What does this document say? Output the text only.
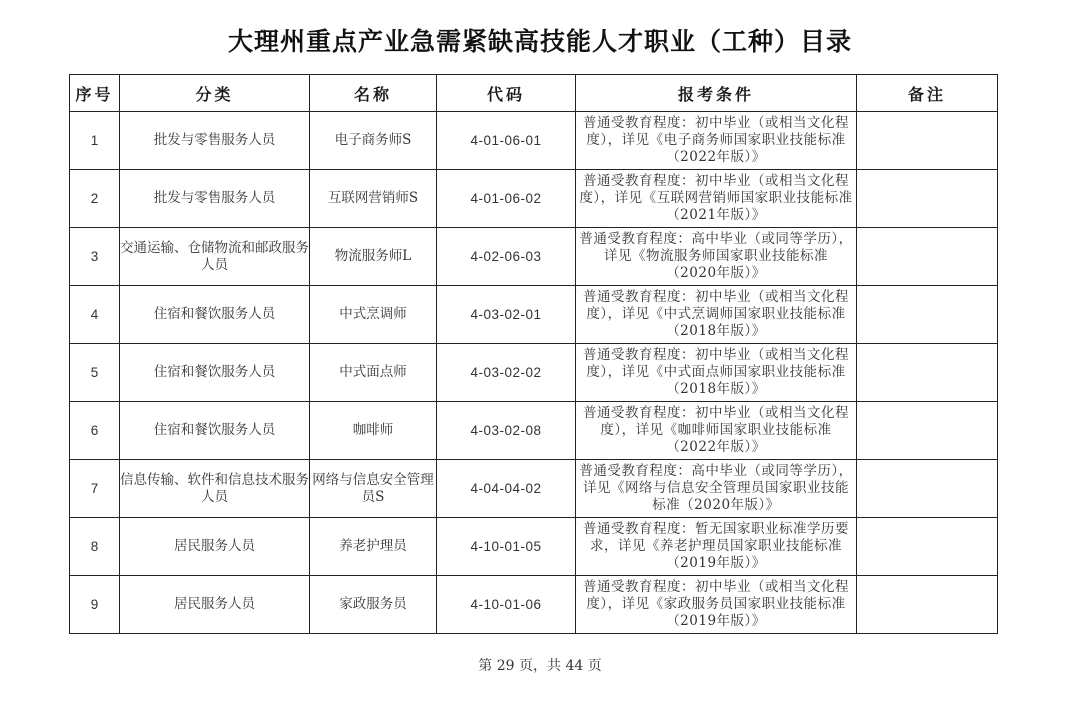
大理州重点产业急需紧缺高技能人才职业（工种）目录
序号	分类	名称	代码	报考条件	备注
1	批发与零售服务人员	电子商务师S	4-01-06-01	普通受教育程度：初中毕业（或相当文化程度），详见《电子商务师国家职业技能标准（2022年版）》	
2	批发与零售服务人员	互联网营销师S	4-01-06-02	普通受教育程度：初中毕业（或相当文化程度），详见《互联网营销师国家职业技能标准（2021年版）》	
3	交通运输、仓储物流和邮政服务人员	物流服务师L	4-02-06-03	普通受教育程度：高中毕业（或同等学历），详见《物流服务师国家职业技能标准（2020年版）》	
4	住宿和餐饮服务人员	中式烹调师	4-03-02-01	普通受教育程度：初中毕业（或相当文化程度），详见《中式烹调师国家职业技能标准（2018年版）》	
5	住宿和餐饮服务人员	中式面点师	4-03-02-02	普通受教育程度：初中毕业（或相当文化程度），详见《中式面点师国家职业技能标准（2018年版）》	
6	住宿和餐饮服务人员	咖啡师	4-03-02-08	普通受教育程度：初中毕业（或相当文化程度），详见《咖啡师国家职业技能标准（2022年版）》	
7	信息传输、软件和信息技术服务人员	网络与信息安全管理员S	4-04-04-02	普通受教育程度：高中毕业（或同等学历），详见《网络与信息安全管理员国家职业技能标准（2020年版）》	
8	居民服务人员	养老护理员	4-10-01-05	普通受教育程度：暂无国家职业标准学历要求，详见《养老护理员国家职业技能标准（2019年版）》	
9	居民服务人员	家政服务员	4-10-01-06	普通受教育程度：初中毕业（或相当文化程度），详见《家政服务员国家职业技能标准（2019年版）》	
第 29 页，共 44 页
